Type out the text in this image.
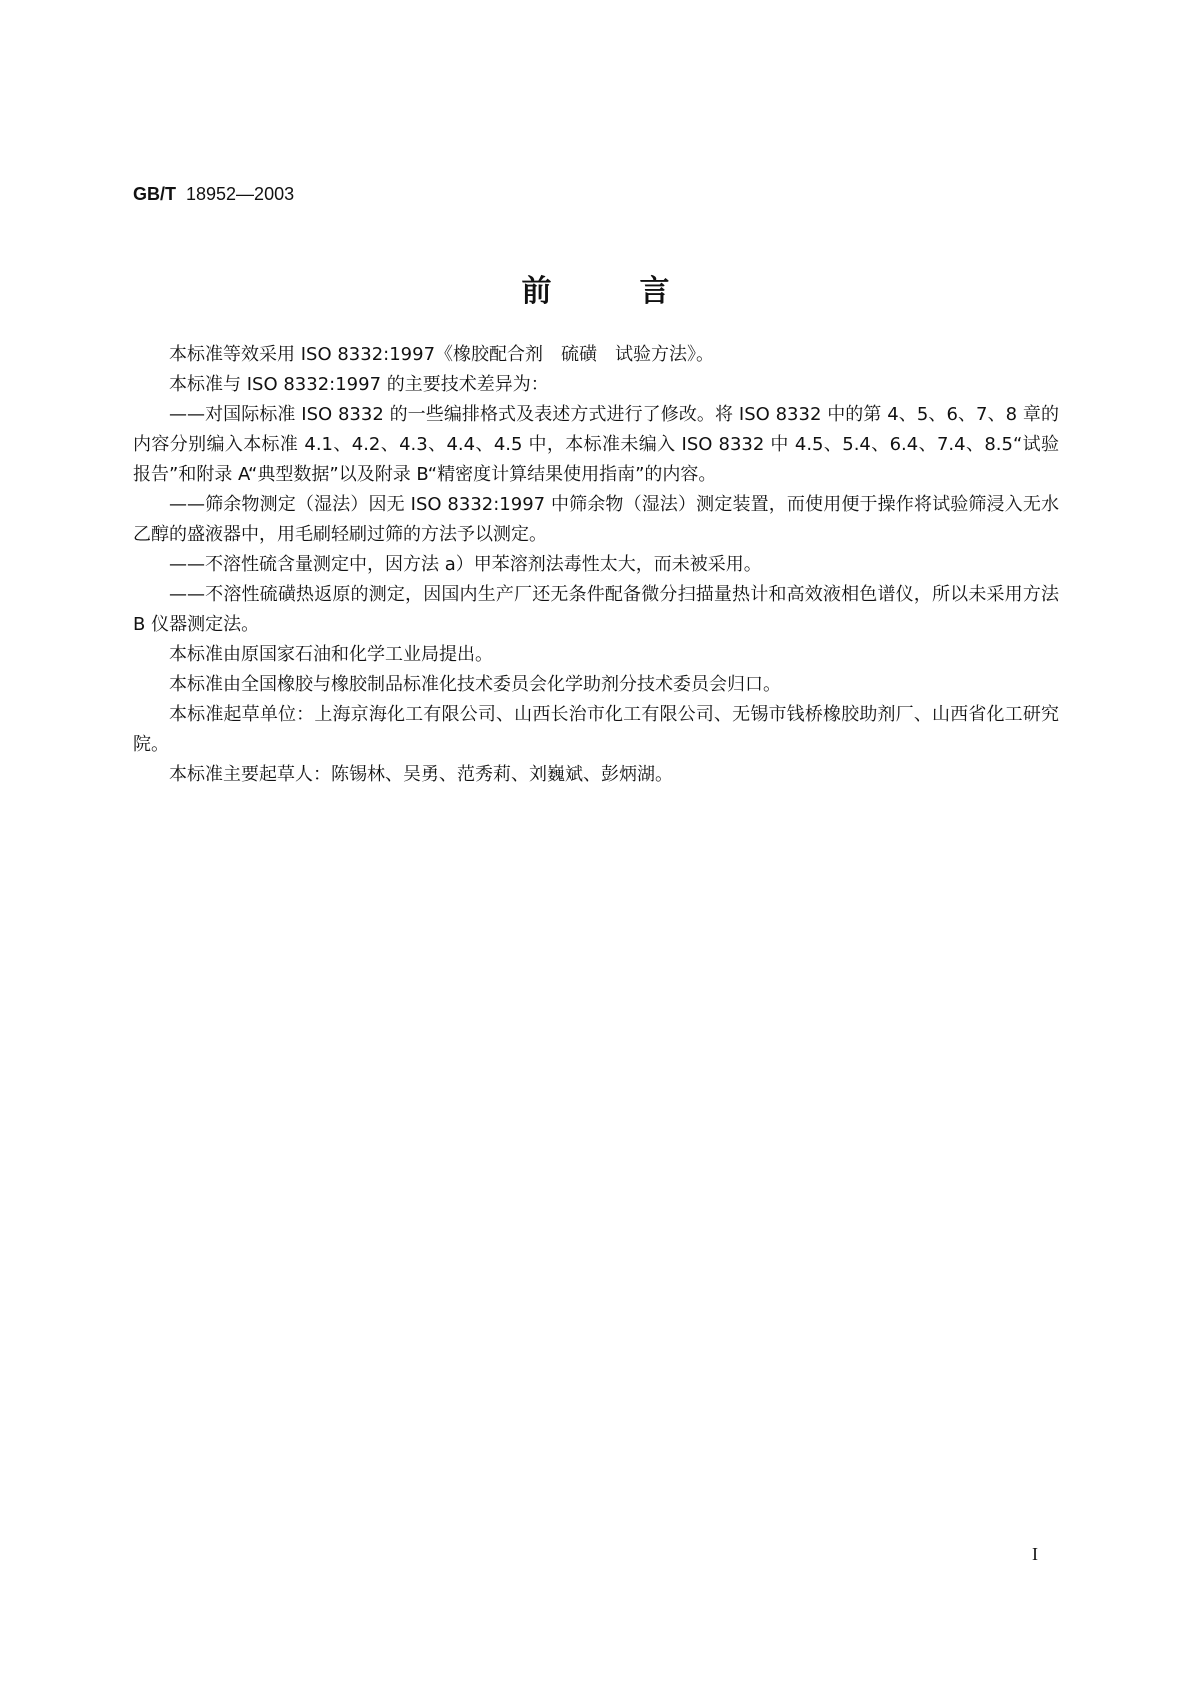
GB/T 18952—2003
前	言

本标准等效采用 ISO 8332:1997《橡胶配合剂　硫磺　试验方法》。

本标准与 ISO 8332:1997 的主要技术差异为：

——对国际标准 ISO 8332 的一些编排格式及表述方式进行了修改。将 ISO 8332 中的第 4、5、6、7、8 章的内容分别编入本标准 4.1、4.2、4.3、4.4、4.5 中，本标准未编入 ISO 8332 中 4.5、5.4、6.4、7.4、8.5“试验报告”和附录 A“典型数据”以及附录 B“精密度计算结果使用指南”的内容。

——筛余物测定（湿法）因无 ISO 8332:1997 中筛余物（湿法）测定装置，而使用便于操作将试验筛浸入无水乙醇的盛液器中，用毛刷轻刷过筛的方法予以测定。

——不溶性硫含量测定中，因方法 a）甲苯溶剂法毒性太大，而未被采用。

——不溶性硫磺热返原的测定，因国内生产厂还无条件配备微分扫描量热计和高效液相色谱仪，所以未采用方法 B 仪器测定法。

本标准由原国家石油和化学工业局提出。

本标准由全国橡胶与橡胶制品标准化技术委员会化学助剂分技术委员会归口。

本标准起草单位：上海京海化工有限公司、山西长治市化工有限公司、无锡市钱桥橡胶助剂厂、山西省化工研究院。

本标准主要起草人：陈锡林、吴勇、范秀莉、刘巍斌、彭炳湖。

I
